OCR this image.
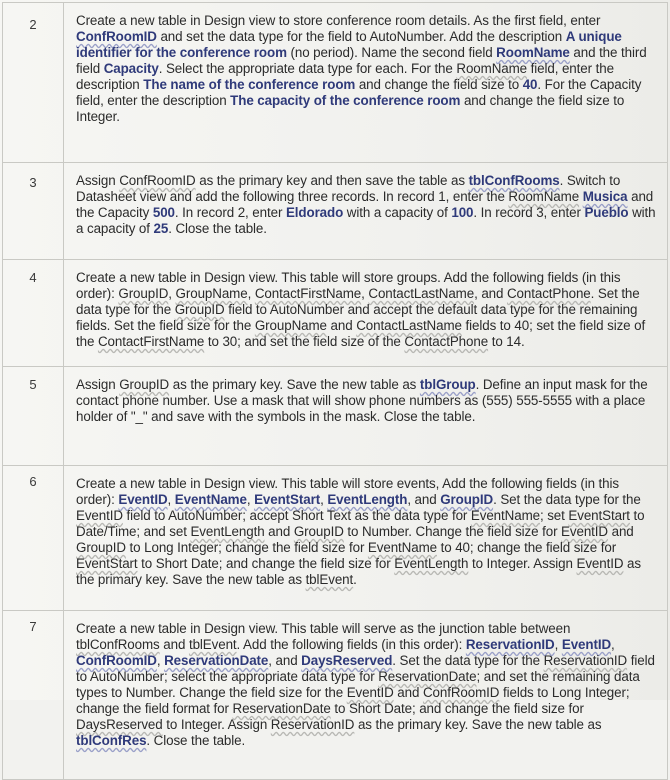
2	Create a new table in Design view to store conference room details. As the first field, enter ConfRoomID and set the data type for the field to AutoNumber. Add the description A unique identifier for the conference room (no period). Name the second field RoomName and the third field Capacity. Select the appropriate data type for each. For the RoomName field, enter the description The name of the conference room and change the field size to 40. For the Capacity field, enter the description The capacity of the conference room and change the field size to Integer.
3	Assign ConfRoomID as the primary key and then save the table as tblConfRooms. Switch to Datasheet view and add the following three records. In record 1, enter the RoomName Musica and the Capacity 500. In record 2, enter Eldorado with a capacity of 100. In record 3, enter Pueblo with a capacity of 25. Close the table.
4	Create a new table in Design view. This table will store groups. Add the following fields (in this order): GroupID, GroupName, ContactFirstName, ContactLastName, and ContactPhone. Set the data type for the GroupID field to AutoNumber and accept the default data type for the remaining fields. Set the field size for the GroupName and ContactLastName fields to 40; set the field size of the ContactFirstName to 30; and set the field size of the ContactPhone to 14.
5	Assign GroupID as the primary key. Save the new table as tblGroup. Define an input mask for the contact phone number. Use a mask that will show phone numbers as (555) 555-5555 with a place holder of "_" and save with the symbols in the mask. Close the table.
6	Create a new table in Design view. This table will store events, Add the following fields (in this order): EventID, EventName, EventStart, EventLength, and GroupID. Set the data type for the EventID field to AutoNumber; accept Short Text as the data type for EventName; set EventStart to Date/Time; and set EventLength and GroupID to Number. Change the field size for EventID and GroupID to Long Integer; change the field size for EventName to 40; change the field size for EventStart to Short Date; and change the field size for EventLength to Integer. Assign EventID as the primary key. Save the new table as tblEvent.
7	Create a new table in Design view. This table will serve as the junction table between tblConfRooms and tblEvent. Add the following fields (in this order): ReservationID, EventID, ConfRoomID, ReservationDate, and DaysReserved. Set the data type for the ReservationID field to AutoNumber; select the appropriate data type for ReservationDate; and set the remaining data types to Number. Change the field size for the EventID and ConfRoomID fields to Long Integer; change the field format for ReservationDate to Short Date; and change the field size for DaysReserved to Integer. Assign ReservationID as the primary key. Save the new table as tblConfRes. Close the table.
